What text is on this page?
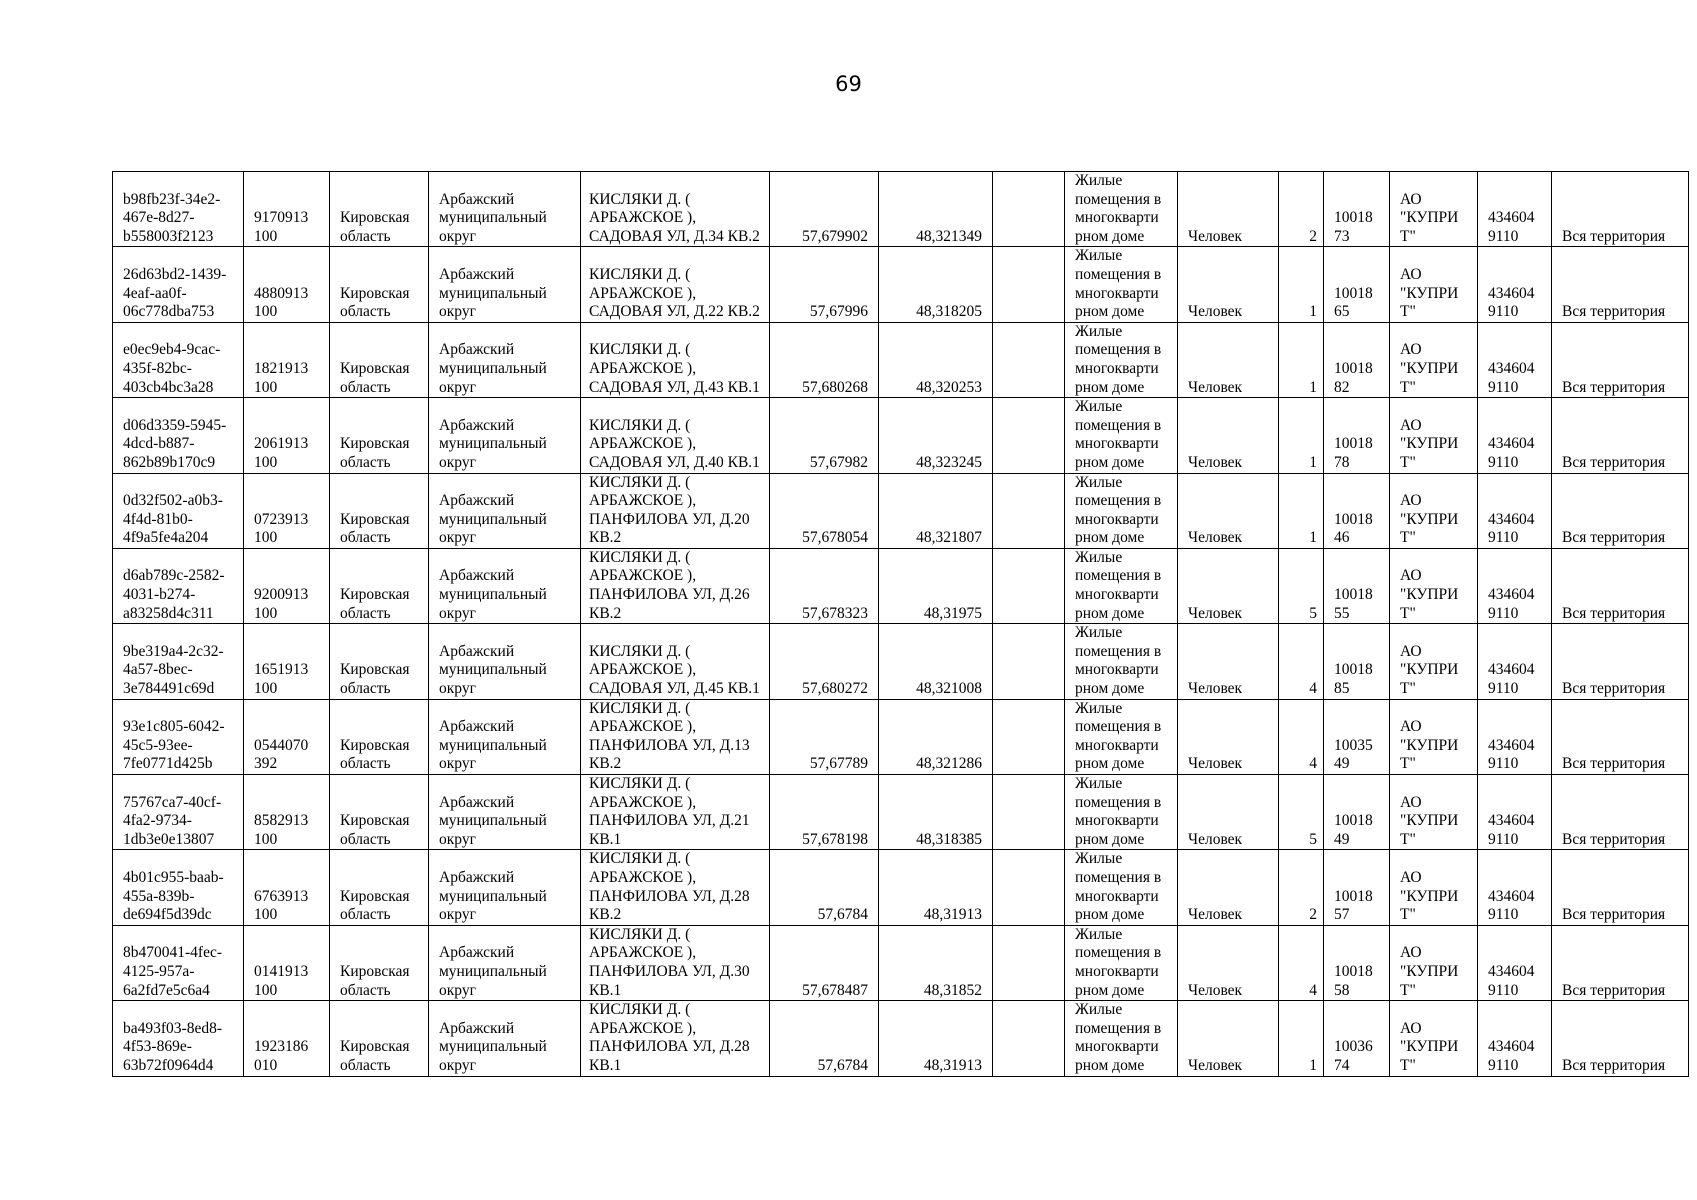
69
b98fb23f-34e2-
467e-8d27-
b558003f2123	9170913
100	Кировская
область	Арбажский
муниципальный
округ	КИСЛЯКИ Д. ( АРБАЖСКОЕ ), САДОВАЯ УЛ, Д.34 КВ.2	57,679902	48,321349		Жилые
помещения в
многокварти
рном доме	Человек	2	10018
73	АО
"КУПРИ
Т"	434604
9110	Вся территория
26d63bd2-1439-
4eaf-aa0f-
06c778dba753	4880913
100	Кировская
область	Арбажский
муниципальный
округ	КИСЛЯКИ Д. ( АРБАЖСКОЕ ), САДОВАЯ УЛ, Д.22 КВ.2	57,67996	48,318205		Жилые
помещения в
многокварти
рном доме	Человек	1	10018
65	АО
"КУПРИ
Т"	434604
9110	Вся территория
e0ec9eb4-9cac-
435f-82bc-
403cb4bc3a28	1821913
100	Кировская
область	Арбажский
муниципальный
округ	КИСЛЯКИ Д. ( АРБАЖСКОЕ ), САДОВАЯ УЛ, Д.43 КВ.1	57,680268	48,320253		Жилые
помещения в
многокварти
рном доме	Человек	1	10018
82	АО
"КУПРИ
Т"	434604
9110	Вся территория
d06d3359-5945-
4dcd-b887-
862b89b170c9	2061913
100	Кировская
область	Арбажский
муниципальный
округ	КИСЛЯКИ Д. ( АРБАЖСКОЕ ), САДОВАЯ УЛ, Д.40 КВ.1	57,67982	48,323245		Жилые
помещения в
многокварти
рном доме	Человек	1	10018
78	АО
"КУПРИ
Т"	434604
9110	Вся территория
0d32f502-a0b3-
4f4d-81b0-
4f9a5fe4a204	0723913
100	Кировская
область	Арбажский
муниципальный
округ	КИСЛЯКИ Д. ( АРБАЖСКОЕ ), ПАНФИЛОВА УЛ, Д.20 КВ.2	57,678054	48,321807		Жилые
помещения в
многокварти
рном доме	Человек	1	10018
46	АО
"КУПРИ
Т"	434604
9110	Вся территория
d6ab789c-2582-
4031-b274-
a83258d4c311	9200913
100	Кировская
область	Арбажский
муниципальный
округ	КИСЛЯКИ Д. ( АРБАЖСКОЕ ), ПАНФИЛОВА УЛ, Д.26 КВ.2	57,678323	48,31975		Жилые
помещения в
многокварти
рном доме	Человек	5	10018
55	АО
"КУПРИ
Т"	434604
9110	Вся территория
9be319a4-2c32-
4a57-8bec-
3e784491c69d	1651913
100	Кировская
область	Арбажский
муниципальный
округ	КИСЛЯКИ Д. ( АРБАЖСКОЕ ), САДОВАЯ УЛ, Д.45 КВ.1	57,680272	48,321008		Жилые
помещения в
многокварти
рном доме	Человек	4	10018
85	АО
"КУПРИ
Т"	434604
9110	Вся территория
93e1c805-6042-
45c5-93ee-
7fe0771d425b	0544070
392	Кировская
область	Арбажский
муниципальный
округ	КИСЛЯКИ Д. ( АРБАЖСКОЕ ), ПАНФИЛОВА УЛ, Д.13 КВ.2	57,67789	48,321286		Жилые
помещения в
многокварти
рном доме	Человек	4	10035
49	АО
"КУПРИ
Т"	434604
9110	Вся территория
75767ca7-40cf-
4fa2-9734-
1db3e0e13807	8582913
100	Кировская
область	Арбажский
муниципальный
округ	КИСЛЯКИ Д. ( АРБАЖСКОЕ ), ПАНФИЛОВА УЛ, Д.21 КВ.1	57,678198	48,318385		Жилые
помещения в
многокварти
рном доме	Человек	5	10018
49	АО
"КУПРИ
Т"	434604
9110	Вся территория
4b01c955-baab-
455a-839b-
de694f5d39dc	6763913
100	Кировская
область	Арбажский
муниципальный
округ	КИСЛЯКИ Д. ( АРБАЖСКОЕ ), ПАНФИЛОВА УЛ, Д.28 КВ.2	57,6784	48,31913		Жилые
помещения в
многокварти
рном доме	Человек	2	10018
57	АО
"КУПРИ
Т"	434604
9110	Вся территория
8b470041-4fec-
4125-957a-
6a2fd7e5c6a4	0141913
100	Кировская
область	Арбажский
муниципальный
округ	КИСЛЯКИ Д. ( АРБАЖСКОЕ ), ПАНФИЛОВА УЛ, Д.30 КВ.1	57,678487	48,31852		Жилые
помещения в
многокварти
рном доме	Человек	4	10018
58	АО
"КУПРИ
Т"	434604
9110	Вся территория
ba493f03-8ed8-
4f53-869e-
63b72f0964d4	1923186
010	Кировская
область	Арбажский
муниципальный
округ	КИСЛЯКИ Д. ( АРБАЖСКОЕ ), ПАНФИЛОВА УЛ, Д.28 КВ.1	57,6784	48,31913		Жилые
помещения в
многокварти
рном доме	Человек	1	10036
74	АО
"КУПРИ
Т"	434604
9110	Вся территория
